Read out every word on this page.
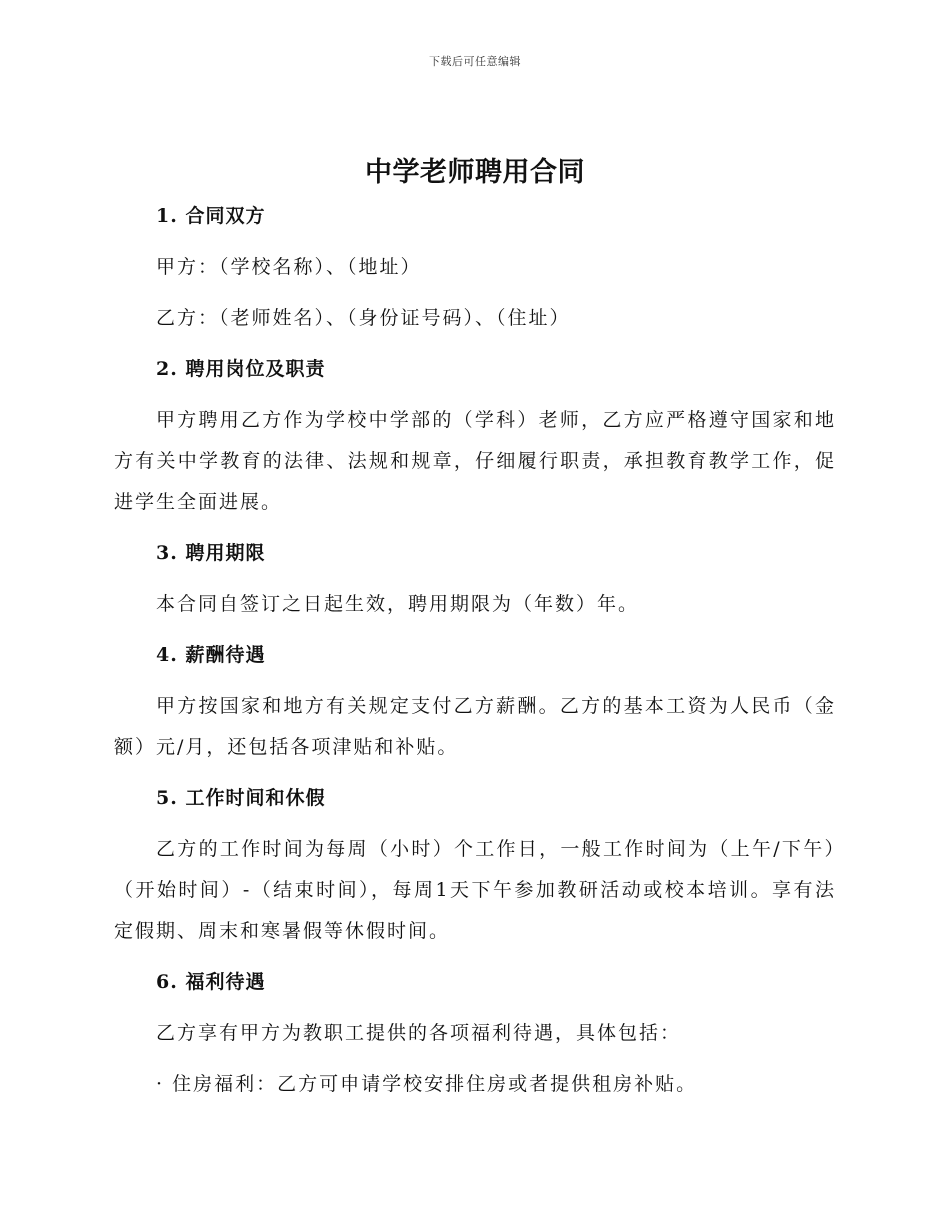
下载后可任意编辑
中学老师聘用合同

1. 合同双方

甲方：（学校名称）、（地址）

乙方：（老师姓名）、（身份证号码）、（住址）

2. 聘用岗位及职责

甲方聘用乙方作为学校中学部的（学科）老师，乙方应严格遵守国家和地方有关中学教育的法律、法规和规章，仔细履行职责，承担教育教学工作，促进学生全面进展。

3. 聘用期限

本合同自签订之日起生效，聘用期限为（年数）年。

4. 薪酬待遇

甲方按国家和地方有关规定支付乙方薪酬。乙方的基本工资为人民币（金额）元/月，还包括各项津贴和补贴。

5. 工作时间和休假

乙方的工作时间为每周（小时）个工作日，一般工作时间为（上午/下午）（开始时间）-（结束时间），每周1天下午参加教研活动或校本培训。享有法定假期、周末和寒暑假等休假时间。

6. 福利待遇

乙方享有甲方为教职工提供的各项福利待遇，具体包括：

· 住房福利：乙方可申请学校安排住房或者提供租房补贴。
